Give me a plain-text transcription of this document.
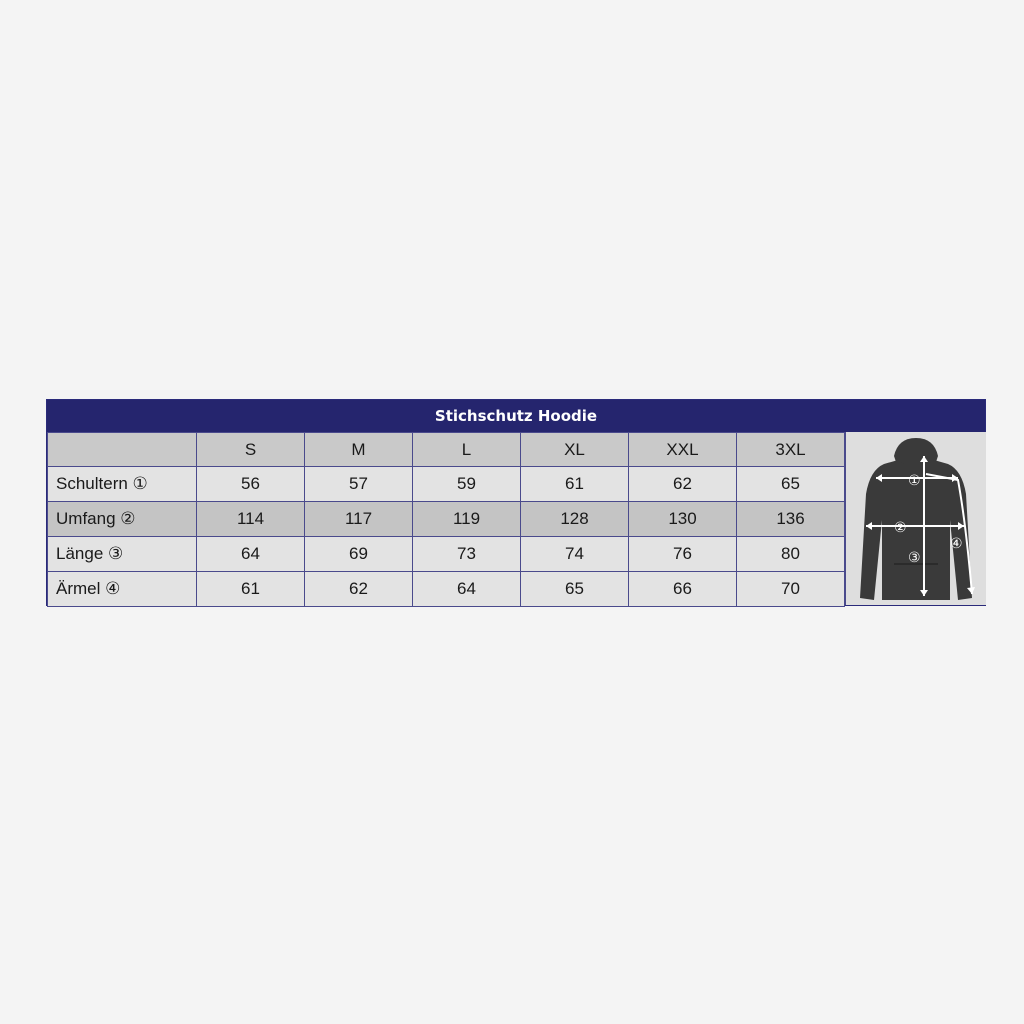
Stichschutz Hoodie
	S	M	L	XL	XXL	3XL
Schultern ①	56	57	59	61	62	65
Umfang ②	114	117	119	128	130	136
Länge ③	64	69	73	74	76	80
Ärmel ④	61	62	64	65	66	70
①
②
③
④
